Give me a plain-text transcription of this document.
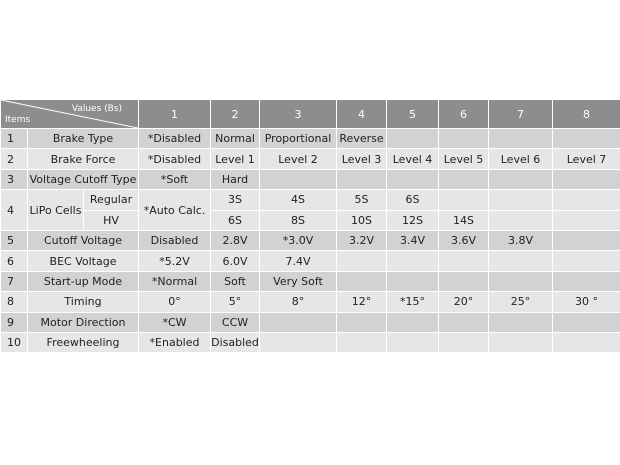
Values (Bs)
Items			1	2	3	4	5	6	7	8
1	Brake Type		*Disabled	Normal	Proportional	Reverse				
2	Brake Force		*Disabled	Level 1	Level 2	Level 3	Level 4	Level 5	Level 6	Level 7
3	Voltage Cutoff Type		*Soft	Hard						
4	LiPo Cells	Regular	*Auto Calc.	3S	4S	5S	6S			
		HV		6S	8S	10S	12S	14S		
5	Cutoff Voltage		Disabled	2.8V	*3.0V	3.2V	3.4V	3.6V	3.8V	
6	BEC Voltage		*5.2V	6.0V	7.4V					
7	Start-up Mode		*Normal	Soft	Very Soft					
8	Timing		0°	5°	8°	12°	*15°	20°	25°	30 °
9	Motor Direction		*CW	CCW						
10	Freewheeling		*Enabled	Disabled						
